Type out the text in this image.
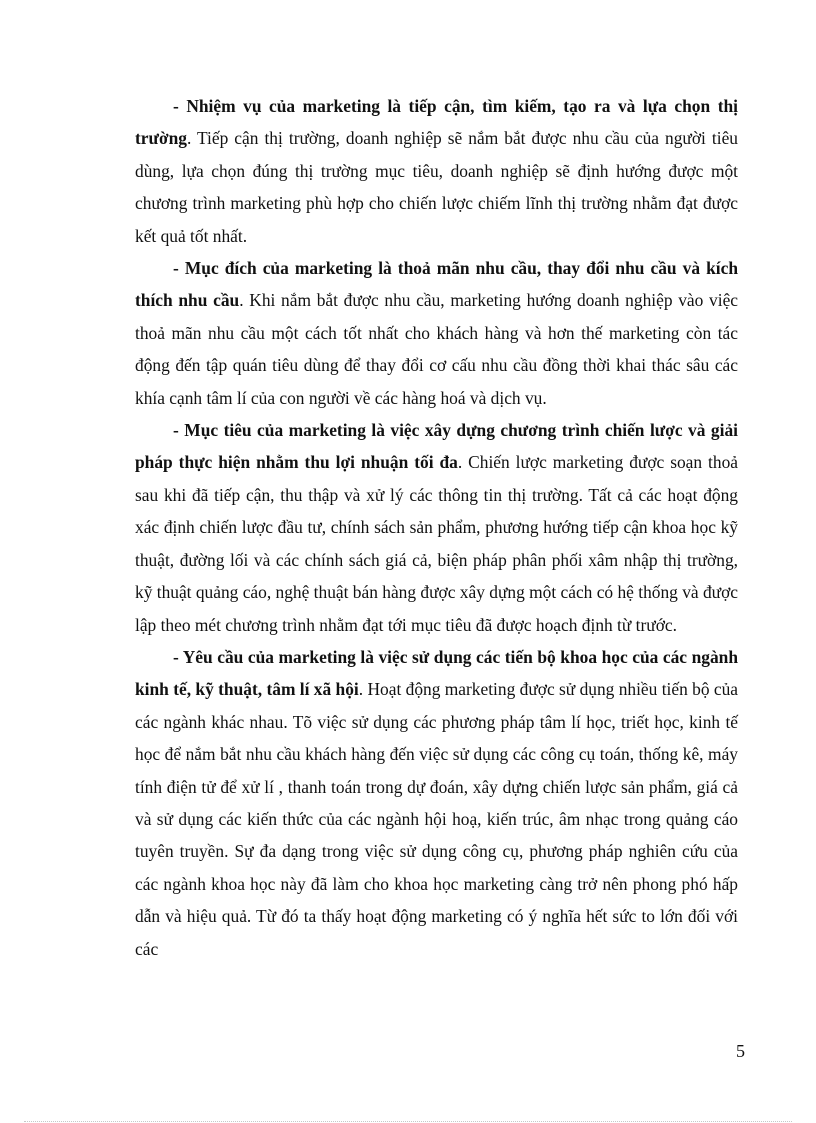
- Nhiệm vụ của marketing là tiếp cận, tìm kiếm, tạo ra và lựa chọn thị trường. Tiếp cận thị trường, doanh nghiệp sẽ nắm bắt được nhu cầu của người tiêu dùng, lựa chọn đúng thị trường mục tiêu, doanh nghiệp sẽ định hướng được một chương trình marketing phù hợp cho chiến lược chiếm lĩnh thị trường nhằm đạt được kết quả tốt nhất.

- Mục đích của marketing là thoả mãn nhu cầu, thay đổi nhu cầu và kích thích nhu cầu. Khi nắm bắt được nhu cầu, marketing hướng doanh nghiệp vào việc thoả mãn nhu cầu một cách tốt nhất cho khách hàng và hơn thế marketing còn tác động đến tập quán tiêu dùng để thay đổi cơ cấu nhu cầu đồng thời khai thác sâu các khía cạnh tâm lí của con người về các hàng hoá và dịch vụ.

- Mục tiêu của marketing là việc xây dựng chương trình chiến lược và giải pháp thực hiện nhằm thu lợi nhuận tối đa. Chiến lược marketing được soạn thoả sau khi đã tiếp cận, thu thập và xử lý các thông tin thị trường. Tất cả các hoạt động xác định chiến lược đầu tư, chính sách sản phẩm, phương hướng tiếp cận khoa học kỹ thuật, đường lối và các chính sách giá cả, biện pháp phân phối xâm nhập thị trường, kỹ thuật quảng cáo, nghệ thuật bán hàng được xây dựng một cách có hệ thống và được lập theo mét chương trình nhằm đạt tới mục tiêu đã được hoạch định từ trước.

- Yêu cầu của marketing là việc sử dụng các tiến bộ khoa học của các ngành kinh tế, kỹ thuật, tâm lí xã hội. Hoạt động marketing được sử dụng nhiều tiến bộ của các ngành khác nhau. Tõ việc sử dụng các phương pháp tâm lí học, triết học, kinh tế học để nắm bắt nhu cầu khách hàng đến việc sử dụng các công cụ toán, thống kê, máy tính điện tử để xử lí , thanh toán trong dự đoán, xây dựng chiến lược sản phẩm, giá cả và sử dụng các kiến thức của các ngành hội hoạ, kiến trúc, âm nhạc trong quảng cáo tuyên truyền. Sự đa dạng trong việc sử dụng công cụ, phương pháp nghiên cứu của các ngành khoa học này đã làm cho khoa học marketing càng trở nên phong phó hấp dẫn và hiệu quả. Từ đó ta thấy hoạt động marketing có ý nghĩa hết sức to lớn đối với các

5
